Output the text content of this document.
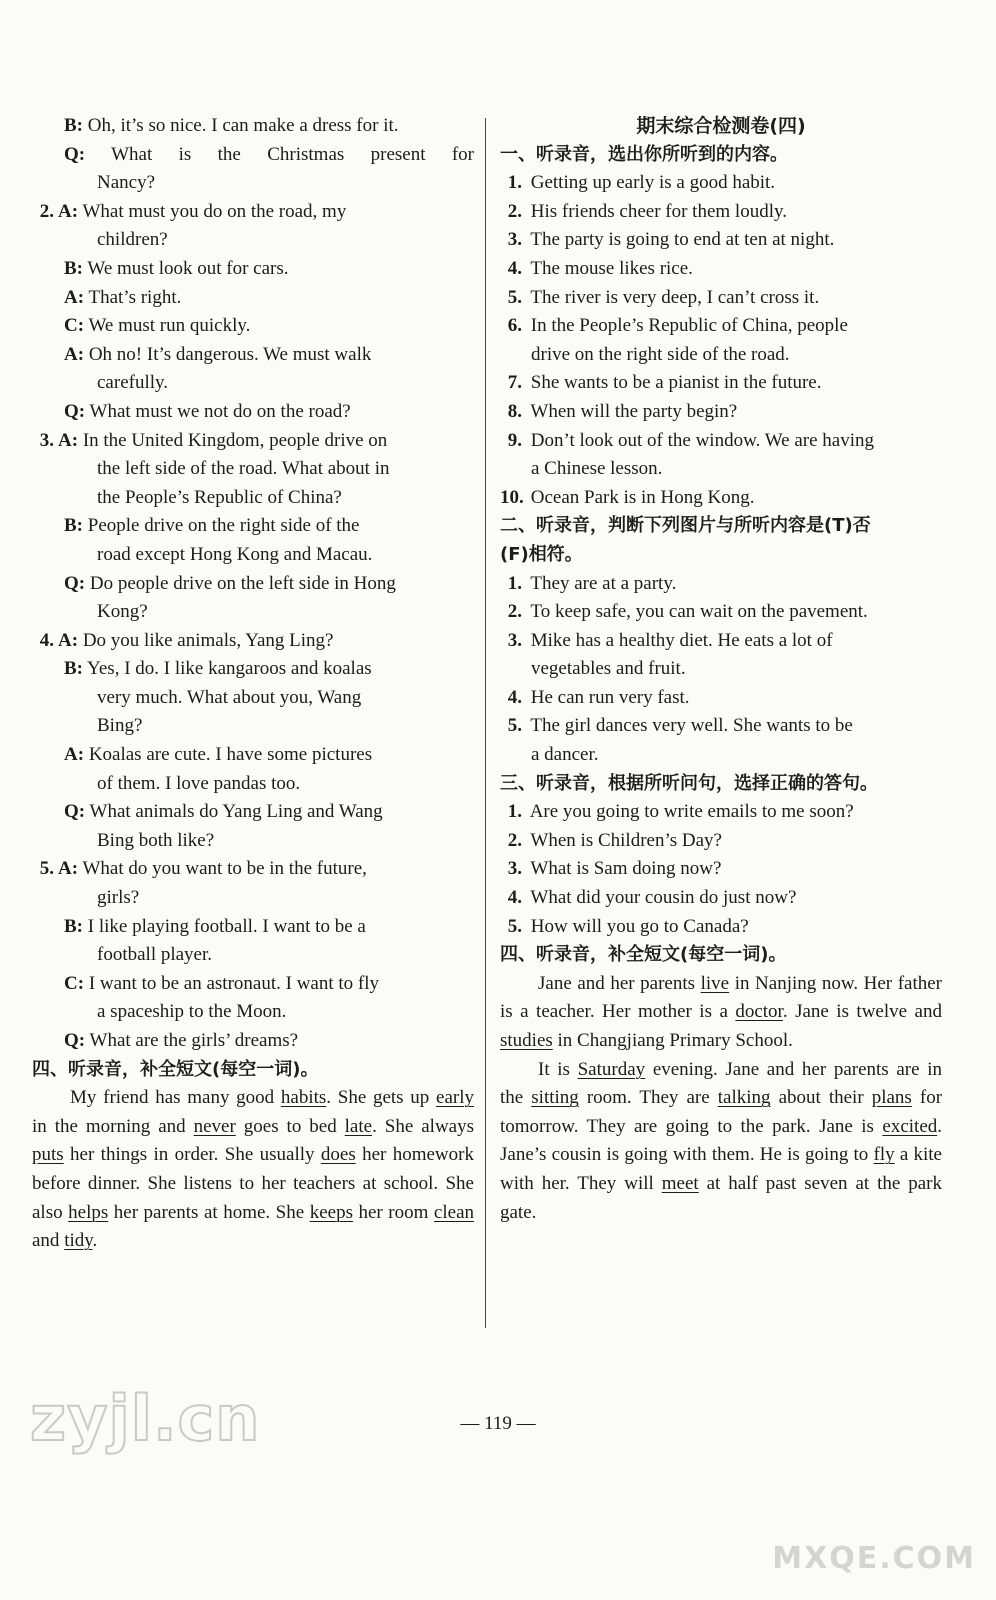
B: Oh, it’s so nice. I can make a dress for it.
Q: What is the Christmas present for
Nancy?
2. A: What must you do on the road, my
children?
B: We must look out for cars.
A: That’s right.
C: We must run quickly.
A: Oh no! It’s dangerous. We must walk
carefully.
Q: What must we not do on the road?
3. A: In the United Kingdom, people drive on
the left side of the road. What about in
the People’s Republic of China?
B: People drive on the right side of the
road except Hong Kong and Macau.
Q: Do people drive on the left side in Hong
Kong?
4. A: Do you like animals, Yang Ling?
B: Yes, I do. I like kangaroos and koalas
very much. What about you, Wang
Bing?
A: Koalas are cute. I have some pictures
of them. I love pandas too.
Q: What animals do Yang Ling and Wang
Bing both like?
5. A: What do you want to be in the future,
girls?
B: I like playing football. I want to be a
football player.
C: I want to be an astronaut. I want to fly
a spaceship to the Moon.
Q: What are the girls’ dreams?
四、听录音，补全短文(每空一词)。
My friend has many good habits. She gets up early in the morning and never goes to bed late. She always puts her things in order. She usually does her homework before dinner. She listens to her teachers at school. She also helps her parents at home. She keeps her room clean and tidy.
期末综合检测卷(四)
一、听录音，选出你所听到的内容。
1. Getting up early is a good habit.
2. His friends cheer for them loudly.
3. The party is going to end at ten at night.
4. The mouse likes rice.
5. The river is very deep, I can’t cross it.
6. In the People’s Republic of China, people
drive on the right side of the road.
7. She wants to be a pianist in the future.
8. When will the party begin?
9. Don’t look out of the window. We are having
a Chinese lesson.
10. Ocean Park is in Hong Kong.
二、听录音，判断下列图片与所听内容是(T)否
(F)相符。
1. They are at a party.
2. To keep safe, you can wait on the pavement.
3. Mike has a healthy diet. He eats a lot of
vegetables and fruit.
4. He can run very fast.
5. The girl dances very well. She wants to be
a dancer.
三、听录音，根据所听问句，选择正确的答句。
1. Are you going to write emails to me soon?
2. When is Children’s Day?
3. What is Sam doing now?
4. What did your cousin do just now?
5. How will you go to Canada?
四、听录音，补全短文(每空一词)。
Jane and her parents live in Nanjing now. Her father is a teacher. Her mother is a doctor. Jane is twelve and studies in Changjiang Primary School.
It is Saturday evening. Jane and her parents are in the sitting room. They are talking about their plans for tomorrow. They are going to the park. Jane is excited. Jane’s cousin is going with them. He is going to fly a kite with her. They will meet at half past seven at the park gate.
— 119 —
zyjl.cn
MXQE.COM
